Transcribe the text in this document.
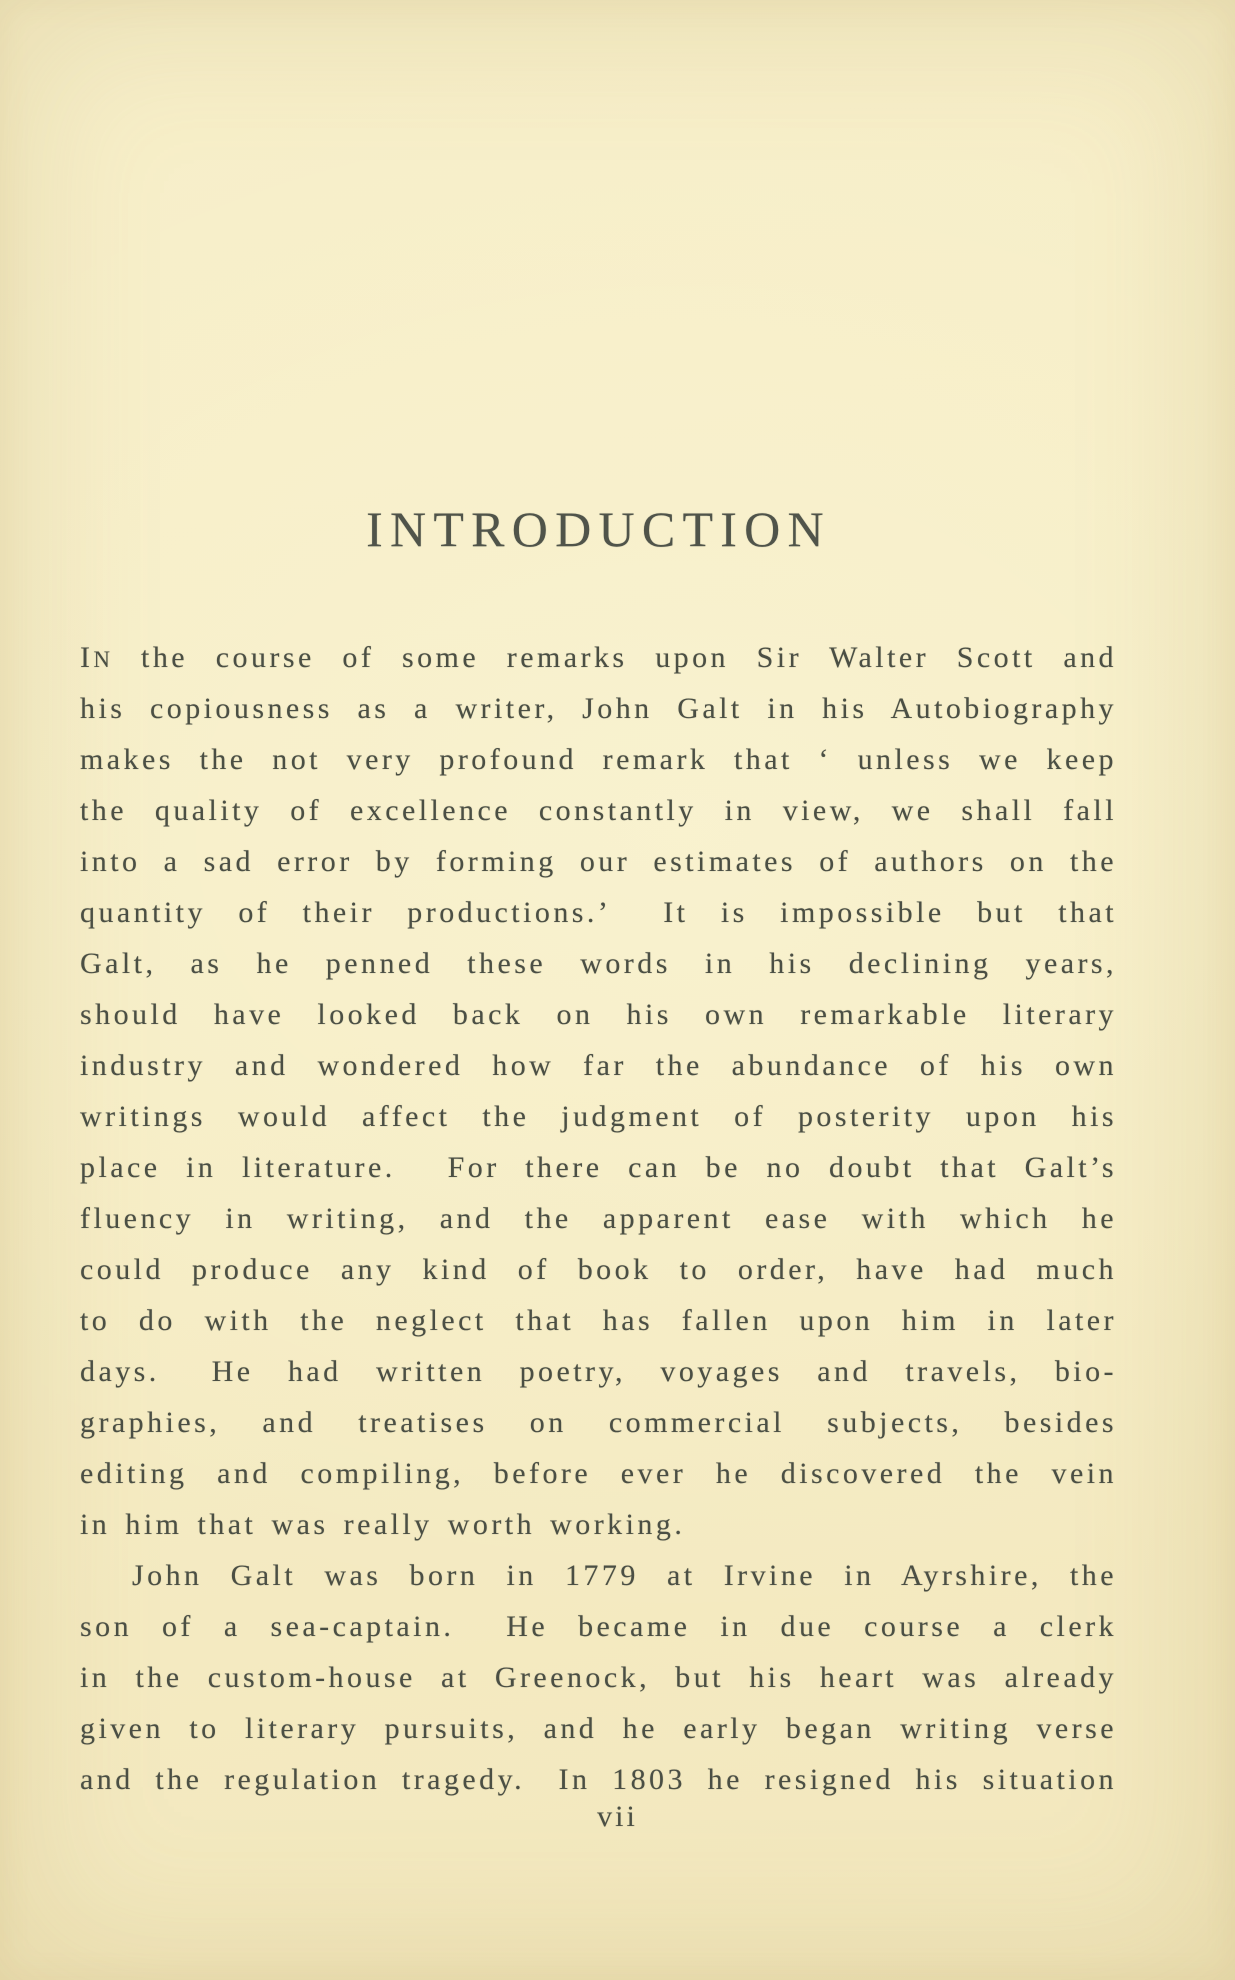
INTRODUCTION
IN the course of some remarks upon Sir Walter Scott and
his copiousness as a writer, John Galt in his Autobiography
makes the not very profound remark that ‘ unless we keep
the quality of excellence constantly in view, we shall fall
into a sad error by forming our estimates of authors on the
quantity of their productions.’  It is impossible but that
Galt, as he penned these words in his declining years,
should have looked back on his own remarkable literary
industry and wondered how far the abundance of his own
writings would affect the judgment of posterity upon his
place in literature.  For there can be no doubt that Galt’s
fluency in writing, and the apparent ease with which he
could produce any kind of book to order, have had much
to do with the neglect that has fallen upon him in later
days.  He had written poetry, voyages and travels, bio-
graphies, and treatises on commercial subjects, besides
editing and compiling, before ever he discovered the vein
in him that was really worth working.
John Galt was born in 1779 at Irvine in Ayrshire, the
son of a sea-captain.  He became in due course a clerk
in the custom-house at Greenock, but his heart was already
given to literary pursuits, and he early began writing verse
and the regulation tragedy. In 1803 he resigned his situation
vii
